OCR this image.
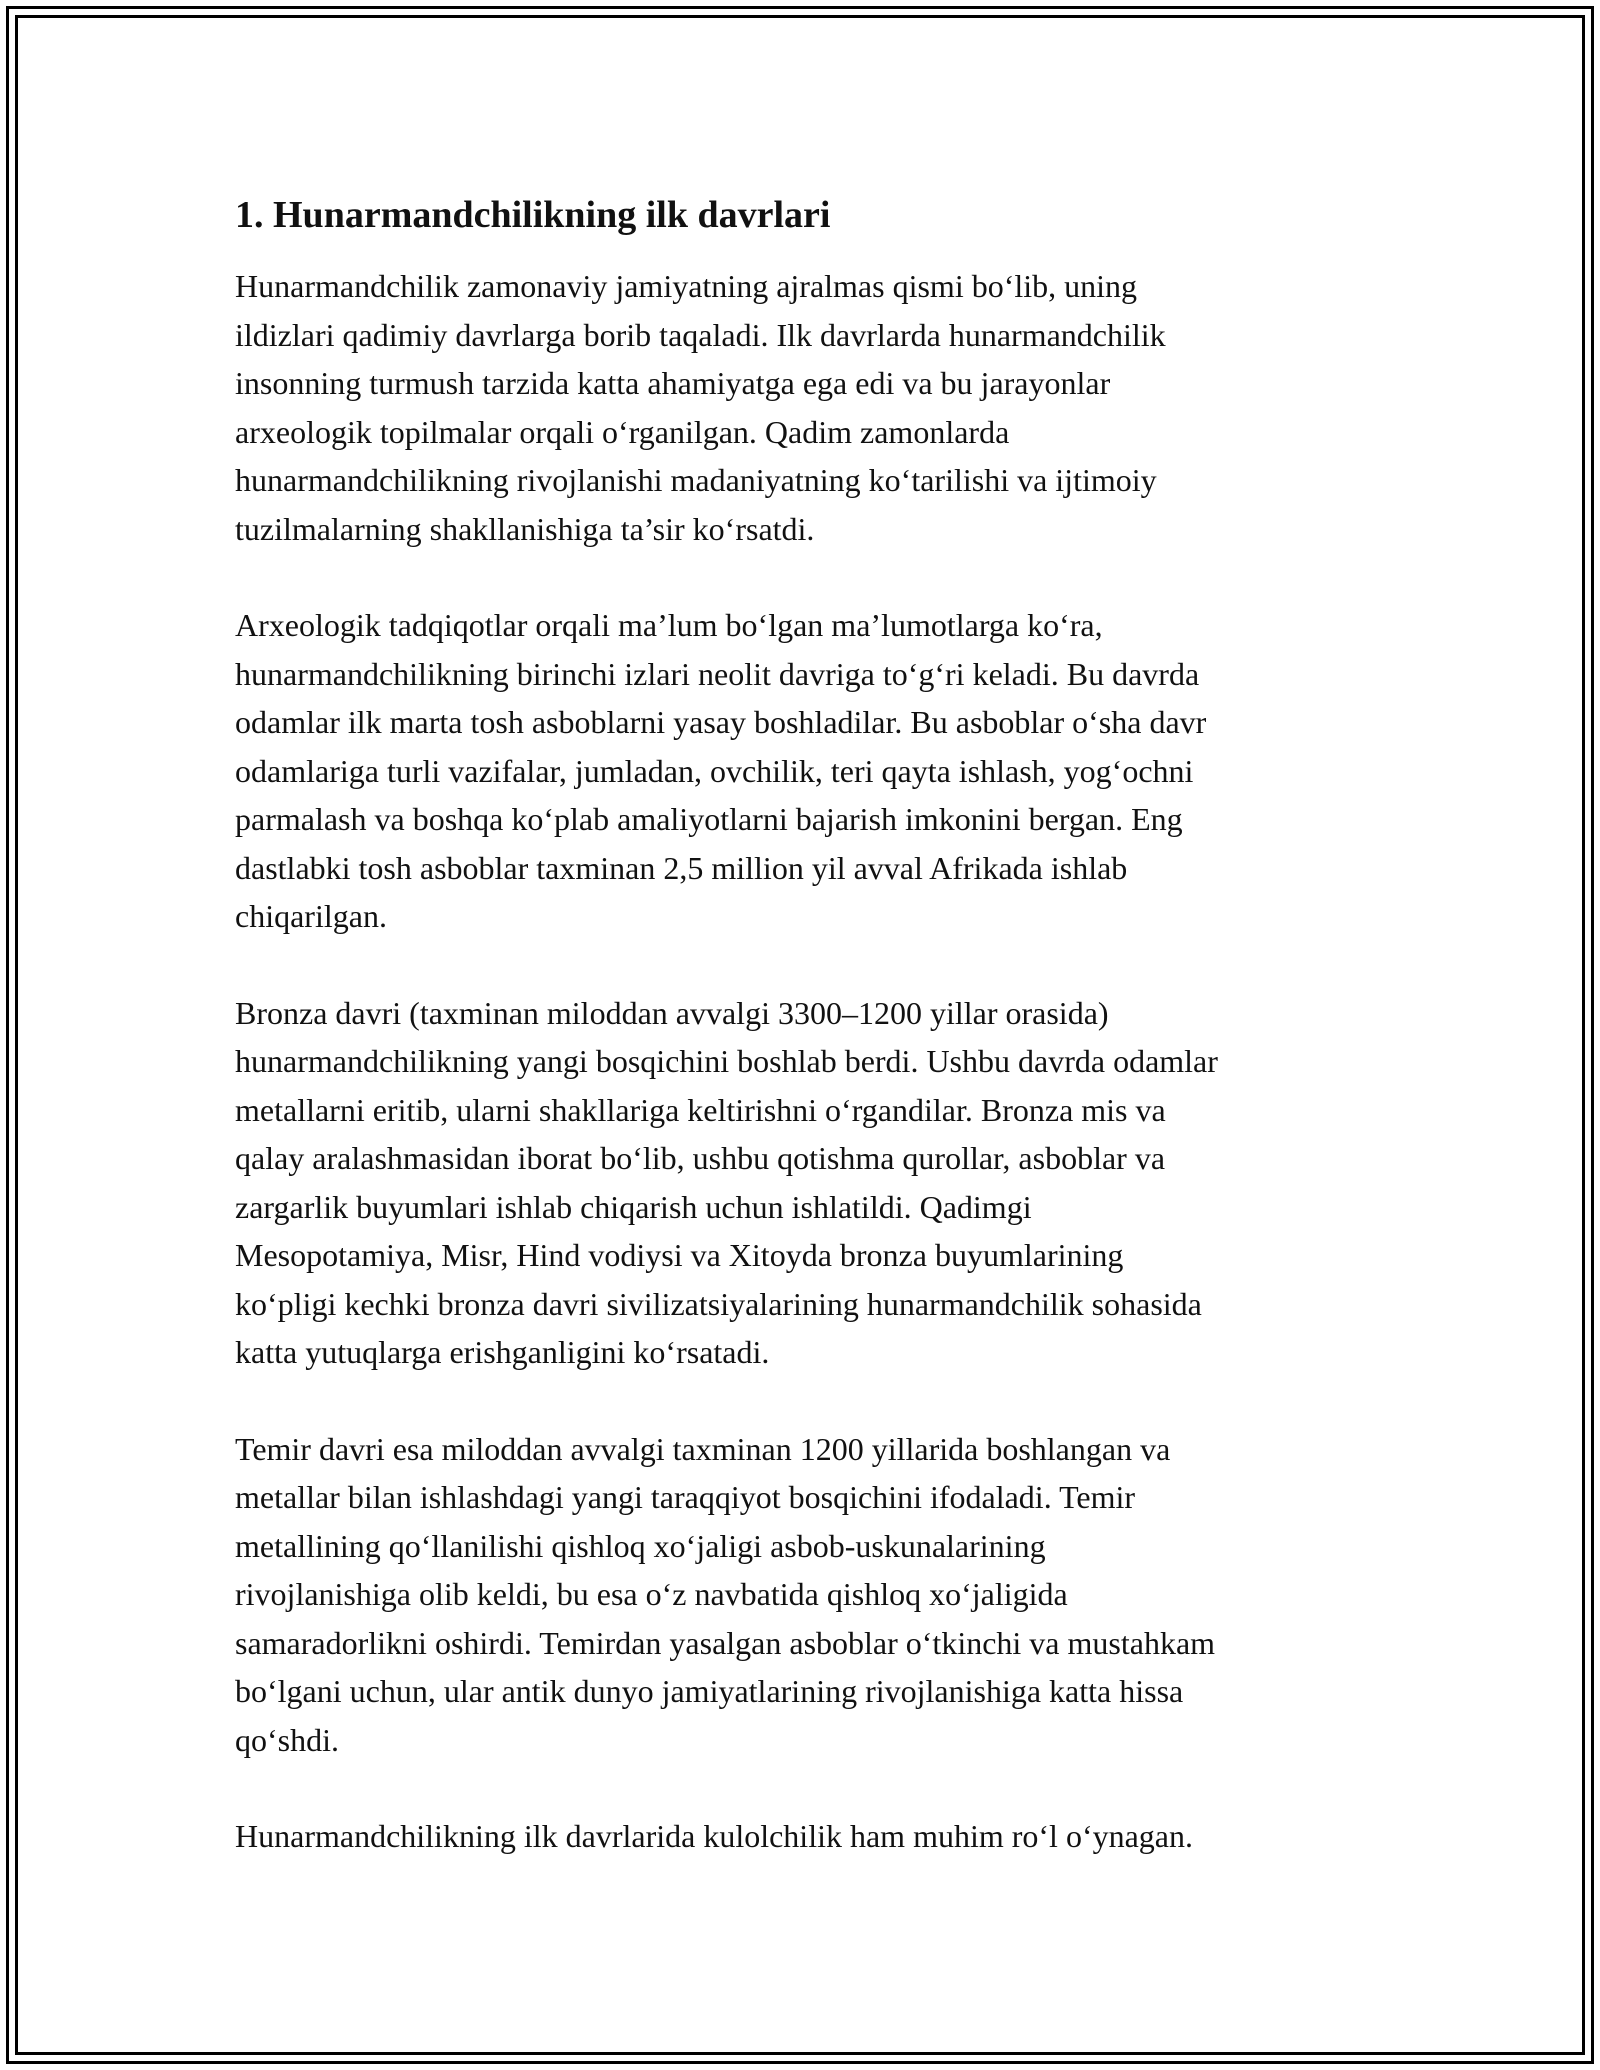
1. Hunarmandchilikning ilk davrlari
Hunarmandchilik zamonaviy jamiyatning ajralmas qismi bo‘lib, uning
ildizlari qadimiy davrlarga borib taqaladi. Ilk davrlarda hunarmandchilik
insonning turmush tarzida katta ahamiyatga ega edi va bu jarayonlar
arxeologik topilmalar orqali o‘rganilgan. Qadim zamonlarda
hunarmandchilikning rivojlanishi madaniyatning ko‘tarilishi va ijtimoiy
tuzilmalarning shakllanishiga ta’sir ko‘rsatdi.
Arxeologik tadqiqotlar orqali ma’lum bo‘lgan ma’lumotlarga ko‘ra,
hunarmandchilikning birinchi izlari neolit davriga to‘g‘ri keladi. Bu davrda
odamlar ilk marta tosh asboblarni yasay boshladilar. Bu asboblar o‘sha davr
odamlariga turli vazifalar, jumladan, ovchilik, teri qayta ishlash, yog‘ochni
parmalash va boshqa ko‘plab amaliyotlarni bajarish imkonini bergan. Eng
dastlabki tosh asboblar taxminan 2,5 million yil avval Afrikada ishlab
chiqarilgan.
Bronza davri (taxminan miloddan avvalgi 3300–1200 yillar orasida)
hunarmandchilikning yangi bosqichini boshlab berdi. Ushbu davrda odamlar
metallarni eritib, ularni shakllariga keltirishni o‘rgandilar. Bronza mis va
qalay aralashmasidan iborat bo‘lib, ushbu qotishma qurollar, asboblar va
zargarlik buyumlari ishlab chiqarish uchun ishlatildi. Qadimgi
Mesopotamiya, Misr, Hind vodiysi va Xitoyda bronza buyumlarining
ko‘pligi kechki bronza davri sivilizatsiyalarining hunarmandchilik sohasida
katta yutuqlarga erishganligini ko‘rsatadi.
Temir davri esa miloddan avvalgi taxminan 1200 yillarida boshlangan va
metallar bilan ishlashdagi yangi taraqqiyot bosqichini ifodaladi. Temir
metallining qo‘llanilishi qishloq xo‘jaligi asbob-uskunalarining
rivojlanishiga olib keldi, bu esa o‘z navbatida qishloq xo‘jaligida
samaradorlikni oshirdi. Temirdan yasalgan asboblar o‘tkinchi va mustahkam
bo‘lgani uchun, ular antik dunyo jamiyatlarining rivojlanishiga katta hissa
qo‘shdi.
Hunarmandchilikning ilk davrlarida kulolchilik ham muhim ro‘l o‘ynagan.
